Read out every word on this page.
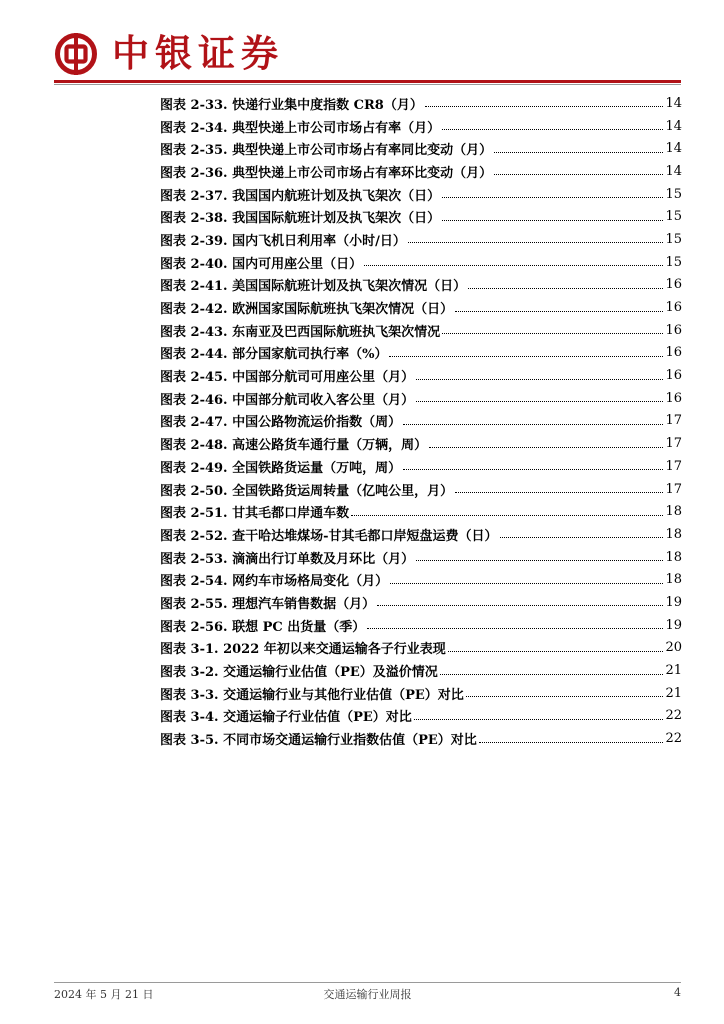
中银证券
图表 2-33. 快递行业集中度指数 CR8（月）	14
图表 2-34. 典型快递上市公司市场占有率（月）	14
图表 2-35. 典型快递上市公司市场占有率同比变动（月）	14
图表 2-36. 典型快递上市公司市场占有率环比变动（月）	14
图表 2-37. 我国国内航班计划及执飞架次（日）	15
图表 2-38. 我国国际航班计划及执飞架次（日）	15
图表 2-39. 国内飞机日利用率（小时/日）	15
图表 2-40. 国内可用座公里（日）	15
图表 2-41. 美国国际航班计划及执飞架次情况（日）	16
图表 2-42. 欧洲国家国际航班执飞架次情况（日）	16
图表 2-43. 东南亚及巴西国际航班执飞架次情况	16
图表 2-44. 部分国家航司执行率（%）	16
图表 2-45. 中国部分航司可用座公里（月）	16
图表 2-46. 中国部分航司收入客公里（月）	16
图表 2-47. 中国公路物流运价指数（周）	17
图表 2-48. 高速公路货车通行量（万辆，周）	17
图表 2-49. 全国铁路货运量（万吨，周）	17
图表 2-50. 全国铁路货运周转量（亿吨公里，月）	17
图表 2-51. 甘其毛都口岸通车数	18
图表 2-52. 查干哈达堆煤场-甘其毛都口岸短盘运费（日）	18
图表 2-53. 滴滴出行订单数及月环比（月）	18
图表 2-54. 网约车市场格局变化（月）	18
图表 2-55. 理想汽车销售数据（月）	19
图表 2-56. 联想 PC 出货量（季）	19
图表 3-1. 2022 年初以来交通运输各子行业表现	20
图表 3-2. 交通运输行业估值（PE）及溢价情况	21
图表 3-3. 交通运输行业与其他行业估值（PE）对比	21
图表 3-4. 交通运输子行业估值（PE）对比	22
图表 3-5. 不同市场交通运输行业指数估值（PE）对比	22
2024 年 5 月 21 日	交通运输行业周报	4
